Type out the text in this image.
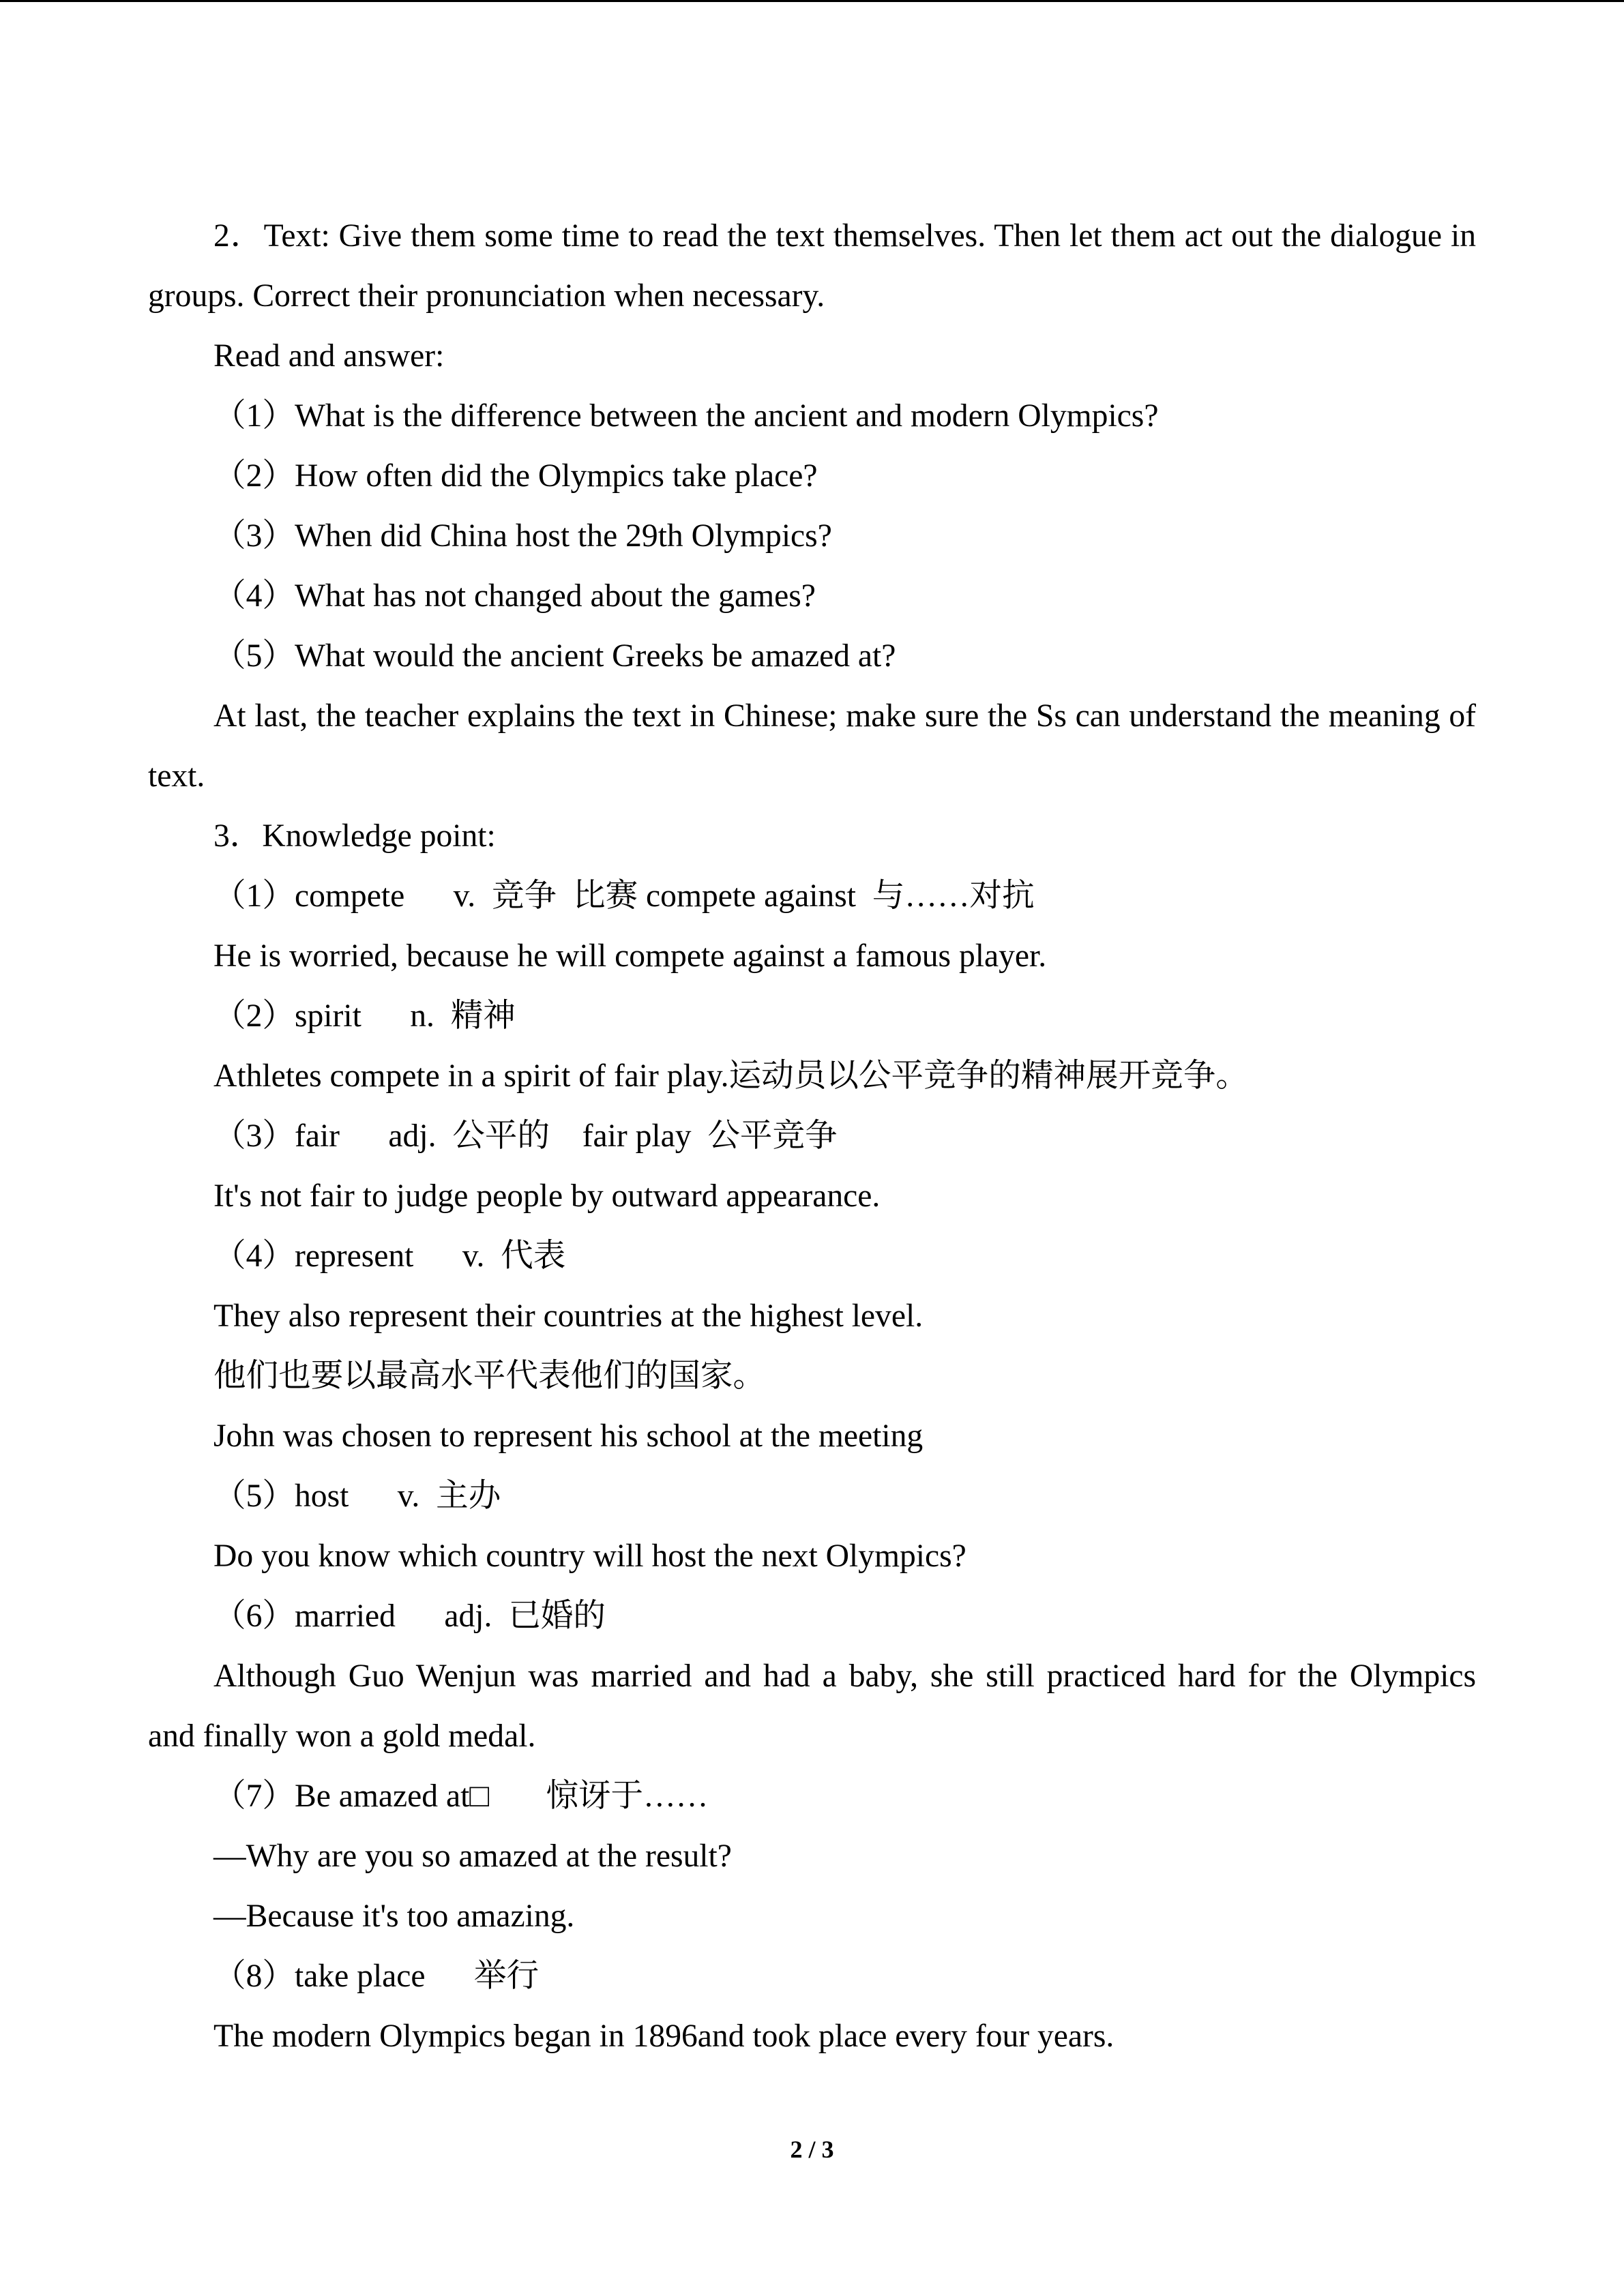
2．Text: Give them some time to read the text themselves. Then let them act out the dialogue in
groups. Correct their pronunciation when necessary.
Read and answer:
（1）What is the difference between the ancient and modern Olympics?
（2）How often did the Olympics take place?
（3）When did China host the 29th Olympics?
（4）What has not changed about the games?
（5）What would the ancient Greeks be amazed at?
At last, the teacher explains the text in Chinese; make sure the Ss can understand the meaning of
text.
3．Knowledge point:
（1）compete      v.  竞争  比赛 compete against  与……对抗
He is worried, because he will compete against a famous player.
（2）spirit      n.  精神
Athletes compete in a spirit of fair play.运动员以公平竞争的精神展开竞争。
（3）fair      adj.  公平的    fair play  公平竞争
It's not fair to judge people by outward appearance.
（4）represent      v.  代表
They also represent their countries at the highest level.
他们也要以最高水平代表他们的国家。
John was chosen to represent his school at the meeting
（5）host      v.  主办
Do you know which country will host the next Olympics?
（6）married      adj.  已婚的
Although Guo Wenjun was married and had a baby, she still practiced hard for the Olympics
and finally won a gold medal.
（7）Be amazed at□       惊讶于……
—Why are you so amazed at the result?
—Because it's too amazing.
（8）take place      举行
The modern Olympics began in 1896and took place every four years.
2 / 3
